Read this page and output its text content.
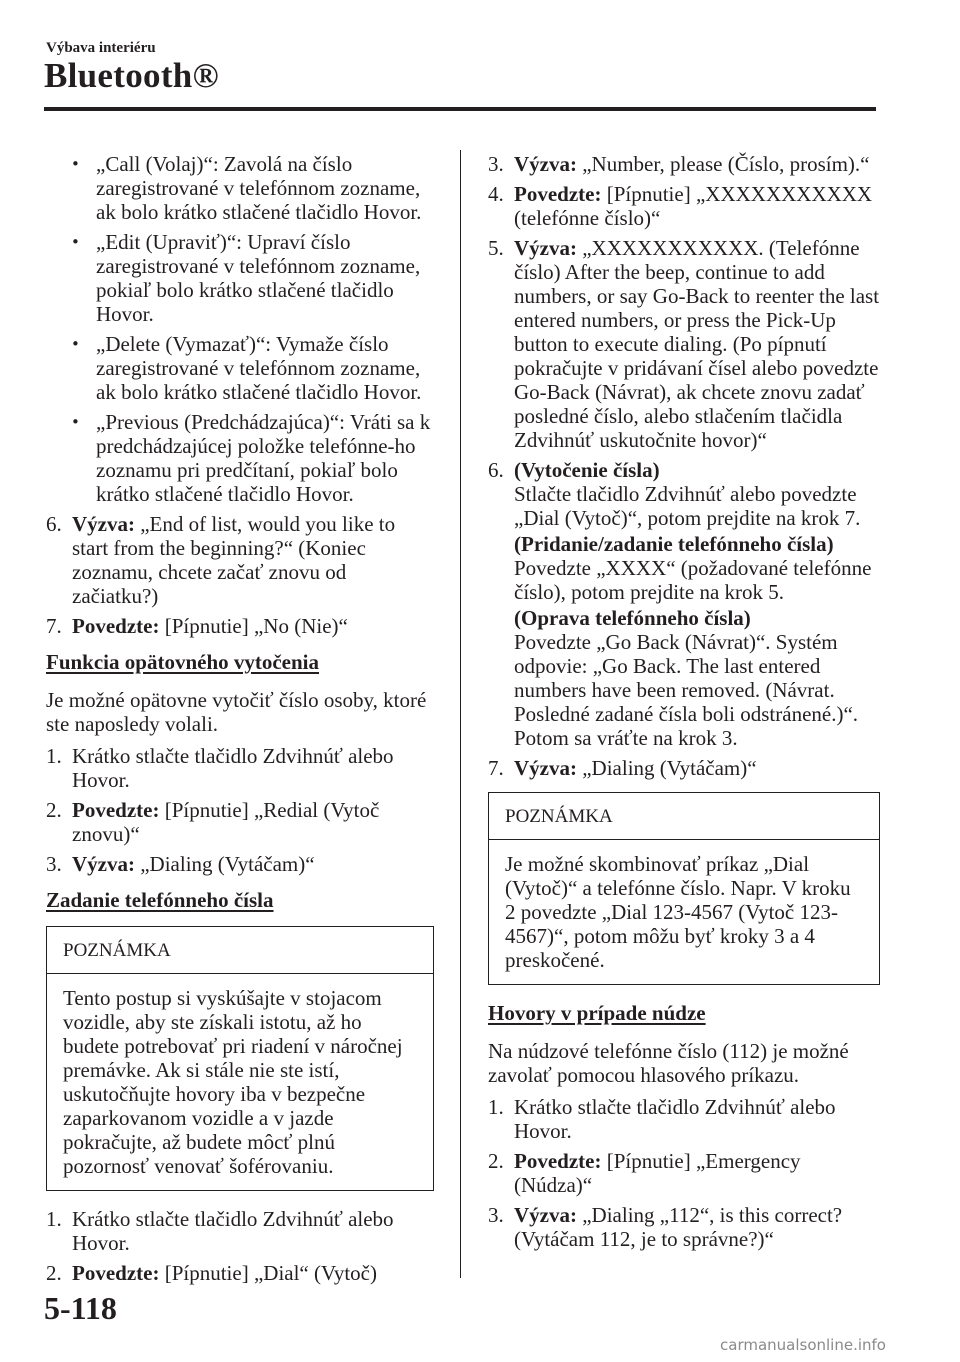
Výbava interiéru
Bluetooth®
• „Call (Volaj)“: Zavolá na číslo zaregistrované v telefónnom zozname, ak bolo krátko stlačené tlačidlo Hovor.
• „Edit (Upraviť)“: Upraví číslo zaregistrované v telefónnom zozname, pokiaľ bolo krátko stlačené tlačidlo Hovor.
• „Delete (Vymazať)“: Vymaže číslo zaregistrované v telefónnom zozname, ak bolo krátko stlačené tlačidlo Hovor.
• „Previous (Predchádzajúca)“: Vráti sa k predchádzajúcej položke telefónne-ho zoznamu pri predčítaní, pokiaľ bolo krátko stlačené tlačidlo Hovor.
6. Výzva: „End of list, would you like to start from the beginning?“ (Koniec zoznamu, chcete začať znovu od začiatku?)
7. Povedzte: [Pípnutie] „No (Nie)“
Funkcia opätovného vytočenia

Je možné opätovne vytočiť číslo osoby, ktoré ste naposledy volali.

1. Krátko stlačte tlačidlo Zdvihnúť alebo Hovor.
2. Povedzte: [Pípnutie] „Redial (Vytoč znovu)“
3. Výzva: „Dialing (Vytáčam)“
Zadanie telefónneho čísla
POZNÁMKA
Tento postup si vyskúšajte v stojacom vozidle, aby ste získali istotu, až ho budete potrebovať pri riadení v náročnej premávke. Ak si stále nie ste istí, uskutočňujte hovory iba v bezpečne zaparkovanom vozidle a v jazde pokračujte, až budete môcť plnú pozornosť venovať šoférovaniu.
1. Krátko stlačte tlačidlo Zdvihnúť alebo Hovor.
2. Povedzte: [Pípnutie] „Dial“ (Vytoč)
3. Výzva: „Number, please (Číslo, prosím).“
4. Povedzte: [Pípnutie] „XXXXXXXXXXX (telefónne číslo)“
5. Výzva: „XXXXXXXXXXX. (Telefónne číslo) After the beep, continue to add numbers, or say Go-Back to reenter the last entered numbers, or press the Pick-Up button to execute dialing. (Po pípnutí pokračujte v pridávaní čísel alebo povedzte Go-Back (Návrat), ak chcete znovu zadať posledné číslo, alebo stlačením tlačidla Zdvihnúť uskutočnite hovor)“
6. (Vytočenie čísla)

Stlačte tlačidlo Zdvihnúť alebo povedzte „Dial (Vytoč)“, potom prejdite na krok 7.

(Pridanie/zadanie telefónneho čísla)

Povedzte „XXXX“ (požadované telefónne číslo), potom prejdite na krok 5.

(Oprava telefónneho čísla)

Povedzte „Go Back (Návrat)“. Systém odpovie: „Go Back. The last entered numbers have been removed. (Návrat. Posledné zadané čísla boli odstránené.)“. Potom sa vráťte na krok 3.

7. Výzva: „Dialing (Vytáčam)“
POZNÁMKA
Je možné skombinovať príkaz „Dial (Vytoč)“ a telefónne číslo. Napr. V kroku 2 povedzte „Dial 123-4567 (Vytoč 123-4567)“, potom môžu byť kroky 3 a 4 preskočené.
Hovory v prípade núdze

Na núdzové telefónne číslo (112) je možné zavolať pomocou hlasového príkazu.

1. Krátko stlačte tlačidlo Zdvihnúť alebo Hovor.
2. Povedzte: [Pípnutie] „Emergency (Núdza)“
3. Výzva: „Dialing „112“, is this correct? (Vytáčam 112, je to správne?)“
5-118
carmanualsonline.info
